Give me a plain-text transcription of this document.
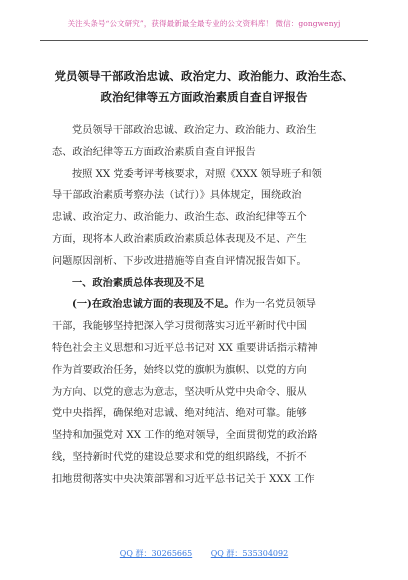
关注头条号“公文研究”，获得最新最全最专业的公文资料库！ 微信：gongwenyj
党员领导干部政治忠诚、政治定力、政治能力、政治生态、
政治纪律等五方面政治素质自查自评报告

党员领导干部政治忠诚、政治定力、政治能力、政治生
态、政治纪律等五方面政治素质自查自评报告

按照 XX 党委考评考核要求，对照《XXX 领导班子和领
导干部政治素质考察办法（试行）》具体规定，围绕政治
忠诚、政治定力、政治能力、政治生态、政治纪律等五个
方面，现将本人政治素质政治素质总体表现及不足、产生
问题原因剖析、下步改进措施等自查自评情况报告如下。

一、政治素质总体表现及不足

(一)在政治忠诚方面的表现及不足。作为一名党员领导
干部，我能够坚持把深入学习贯彻落实习近平新时代中国
特色社会主义思想和习近平总书记对 XX 重要讲话指示精神
作为首要政治任务，始终以党的旗帜为旗帜、以党的方向
为方向、以党的意志为意志，坚决听从党中央命令、服从
党中央指挥，确保绝对忠诚、绝对纯洁、绝对可靠。能够
坚持和加强党对 XX 工作的绝对领导，全面贯彻党的政治路
线，坚持新时代党的建设总要求和党的组织路线，不折不
扣地贯彻落实中央决策部署和习近平总书记关于 XXX 工作

QQ 群：30265665 QQ 群：535304092
